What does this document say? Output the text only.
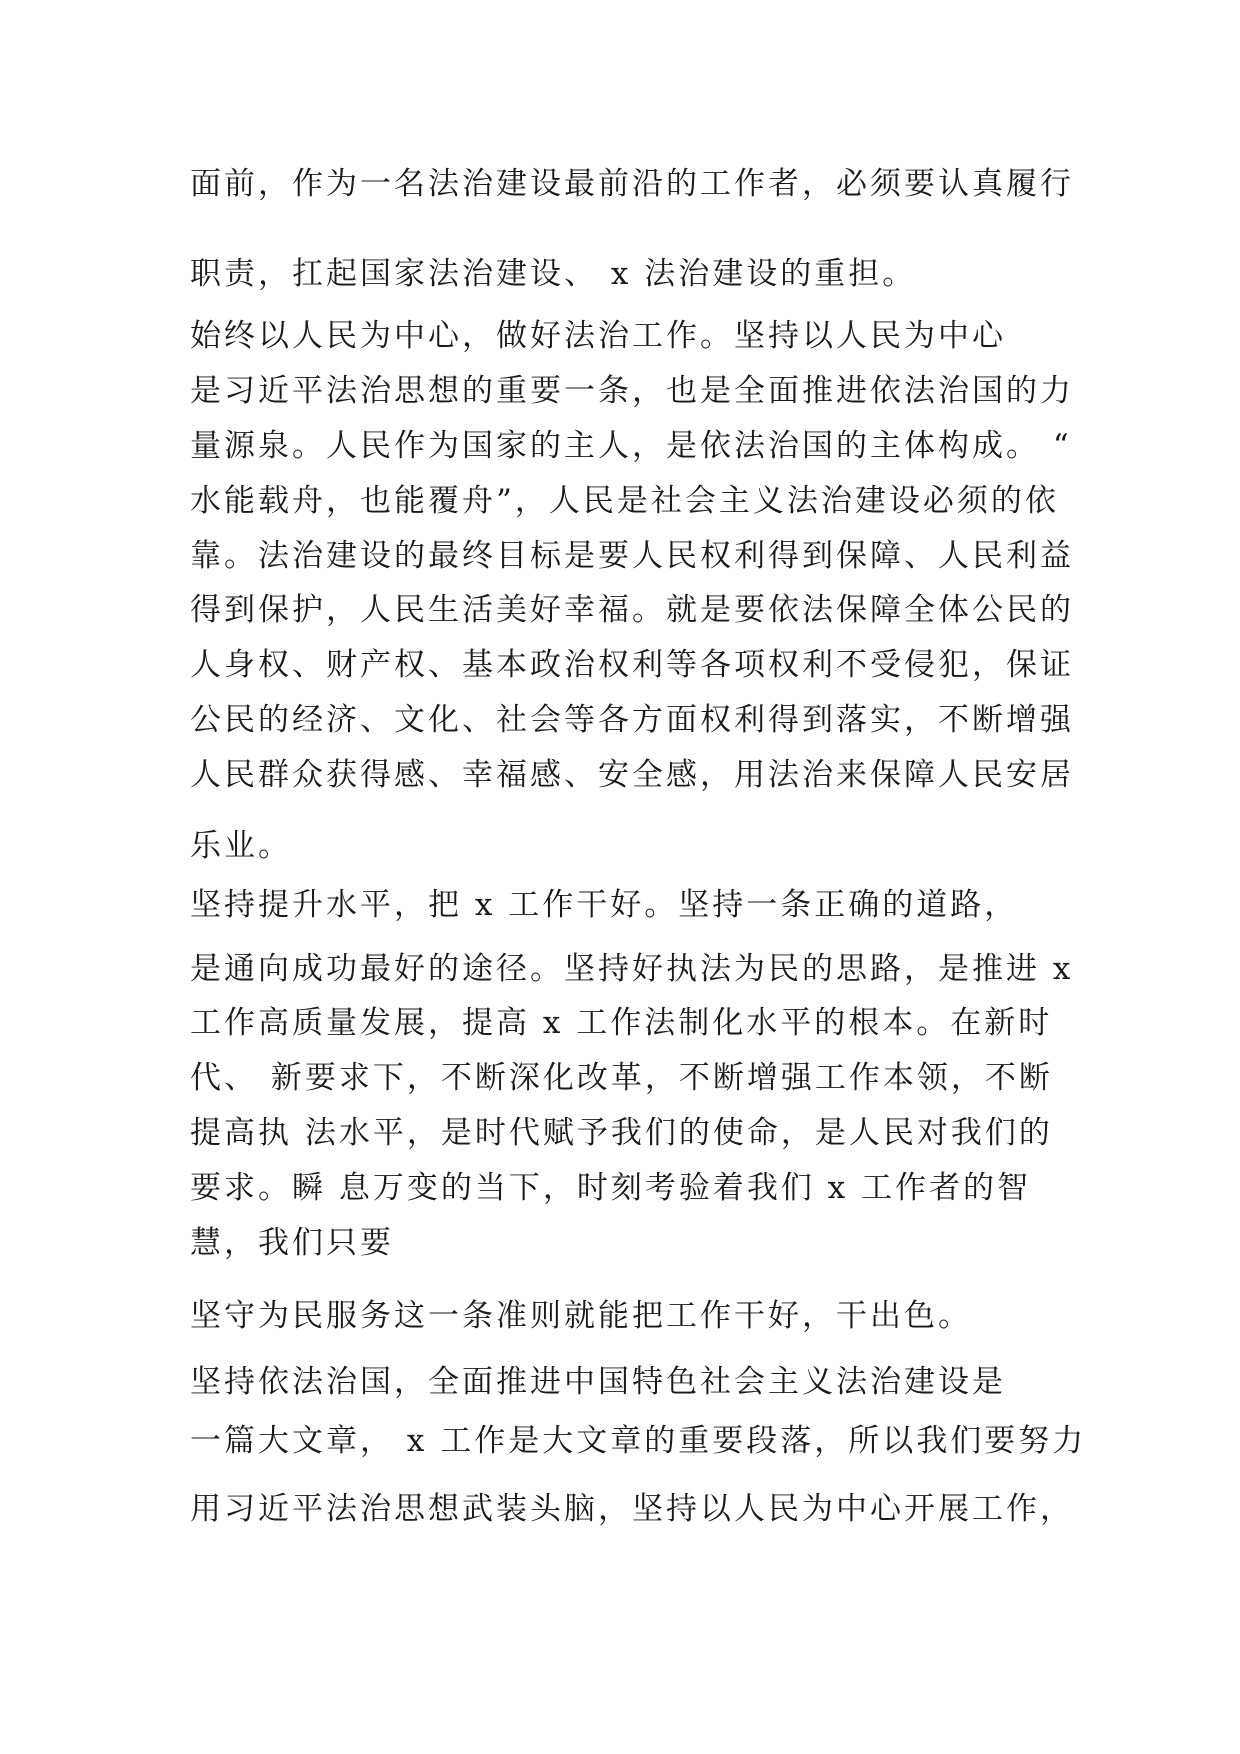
面前，作为一名法治建设最前沿的工作者，必须要认真履行
职责，扛起国家法治建设、 x 法治建设的重担。
始终以人民为中心，做好法治工作。坚持以人民为中心
是习近平法治思想的重要一条，也是全面推进依法治国的力
量源泉。人民作为国家的主人，是依法治国的主体构成。 “
水能载舟，也能覆舟”，人民是社会主义法治建设必须的依
靠。法治建设的最终目标是要人民权利得到保障、人民利益
得到保护，人民生活美好幸福。就是要依法保障全体公民的
人身权、财产权、基本政治权利等各项权利不受侵犯，保证
公民的经济、文化、社会等各方面权利得到落实，不断增强
人民群众获得感、幸福感、安全感，用法治来保障人民安居
乐业。
坚持提升水平，把 x 工作干好。坚持一条正确的道路，
是通向成功最好的途径。坚持好执法为民的思路，是推进 x
工作高质量发展，提高 x 工作法制化水平的根本。在新时
代、 新要求下，不断深化改革，不断增强工作本领，不断
提高执 法水平，是时代赋予我们的使命，是人民对我们的
要求。瞬 息万变的当下，时刻考验着我们 x 工作者的智
慧，我们只要
坚守为民服务这一条准则就能把工作干好，干出色。
坚持依法治国，全面推进中国特色社会主义法治建设是
一篇大文章， x 工作是大文章的重要段落，所以我们要努力
用习近平法治思想武装头脑，坚持以人民为中心开展工作，
